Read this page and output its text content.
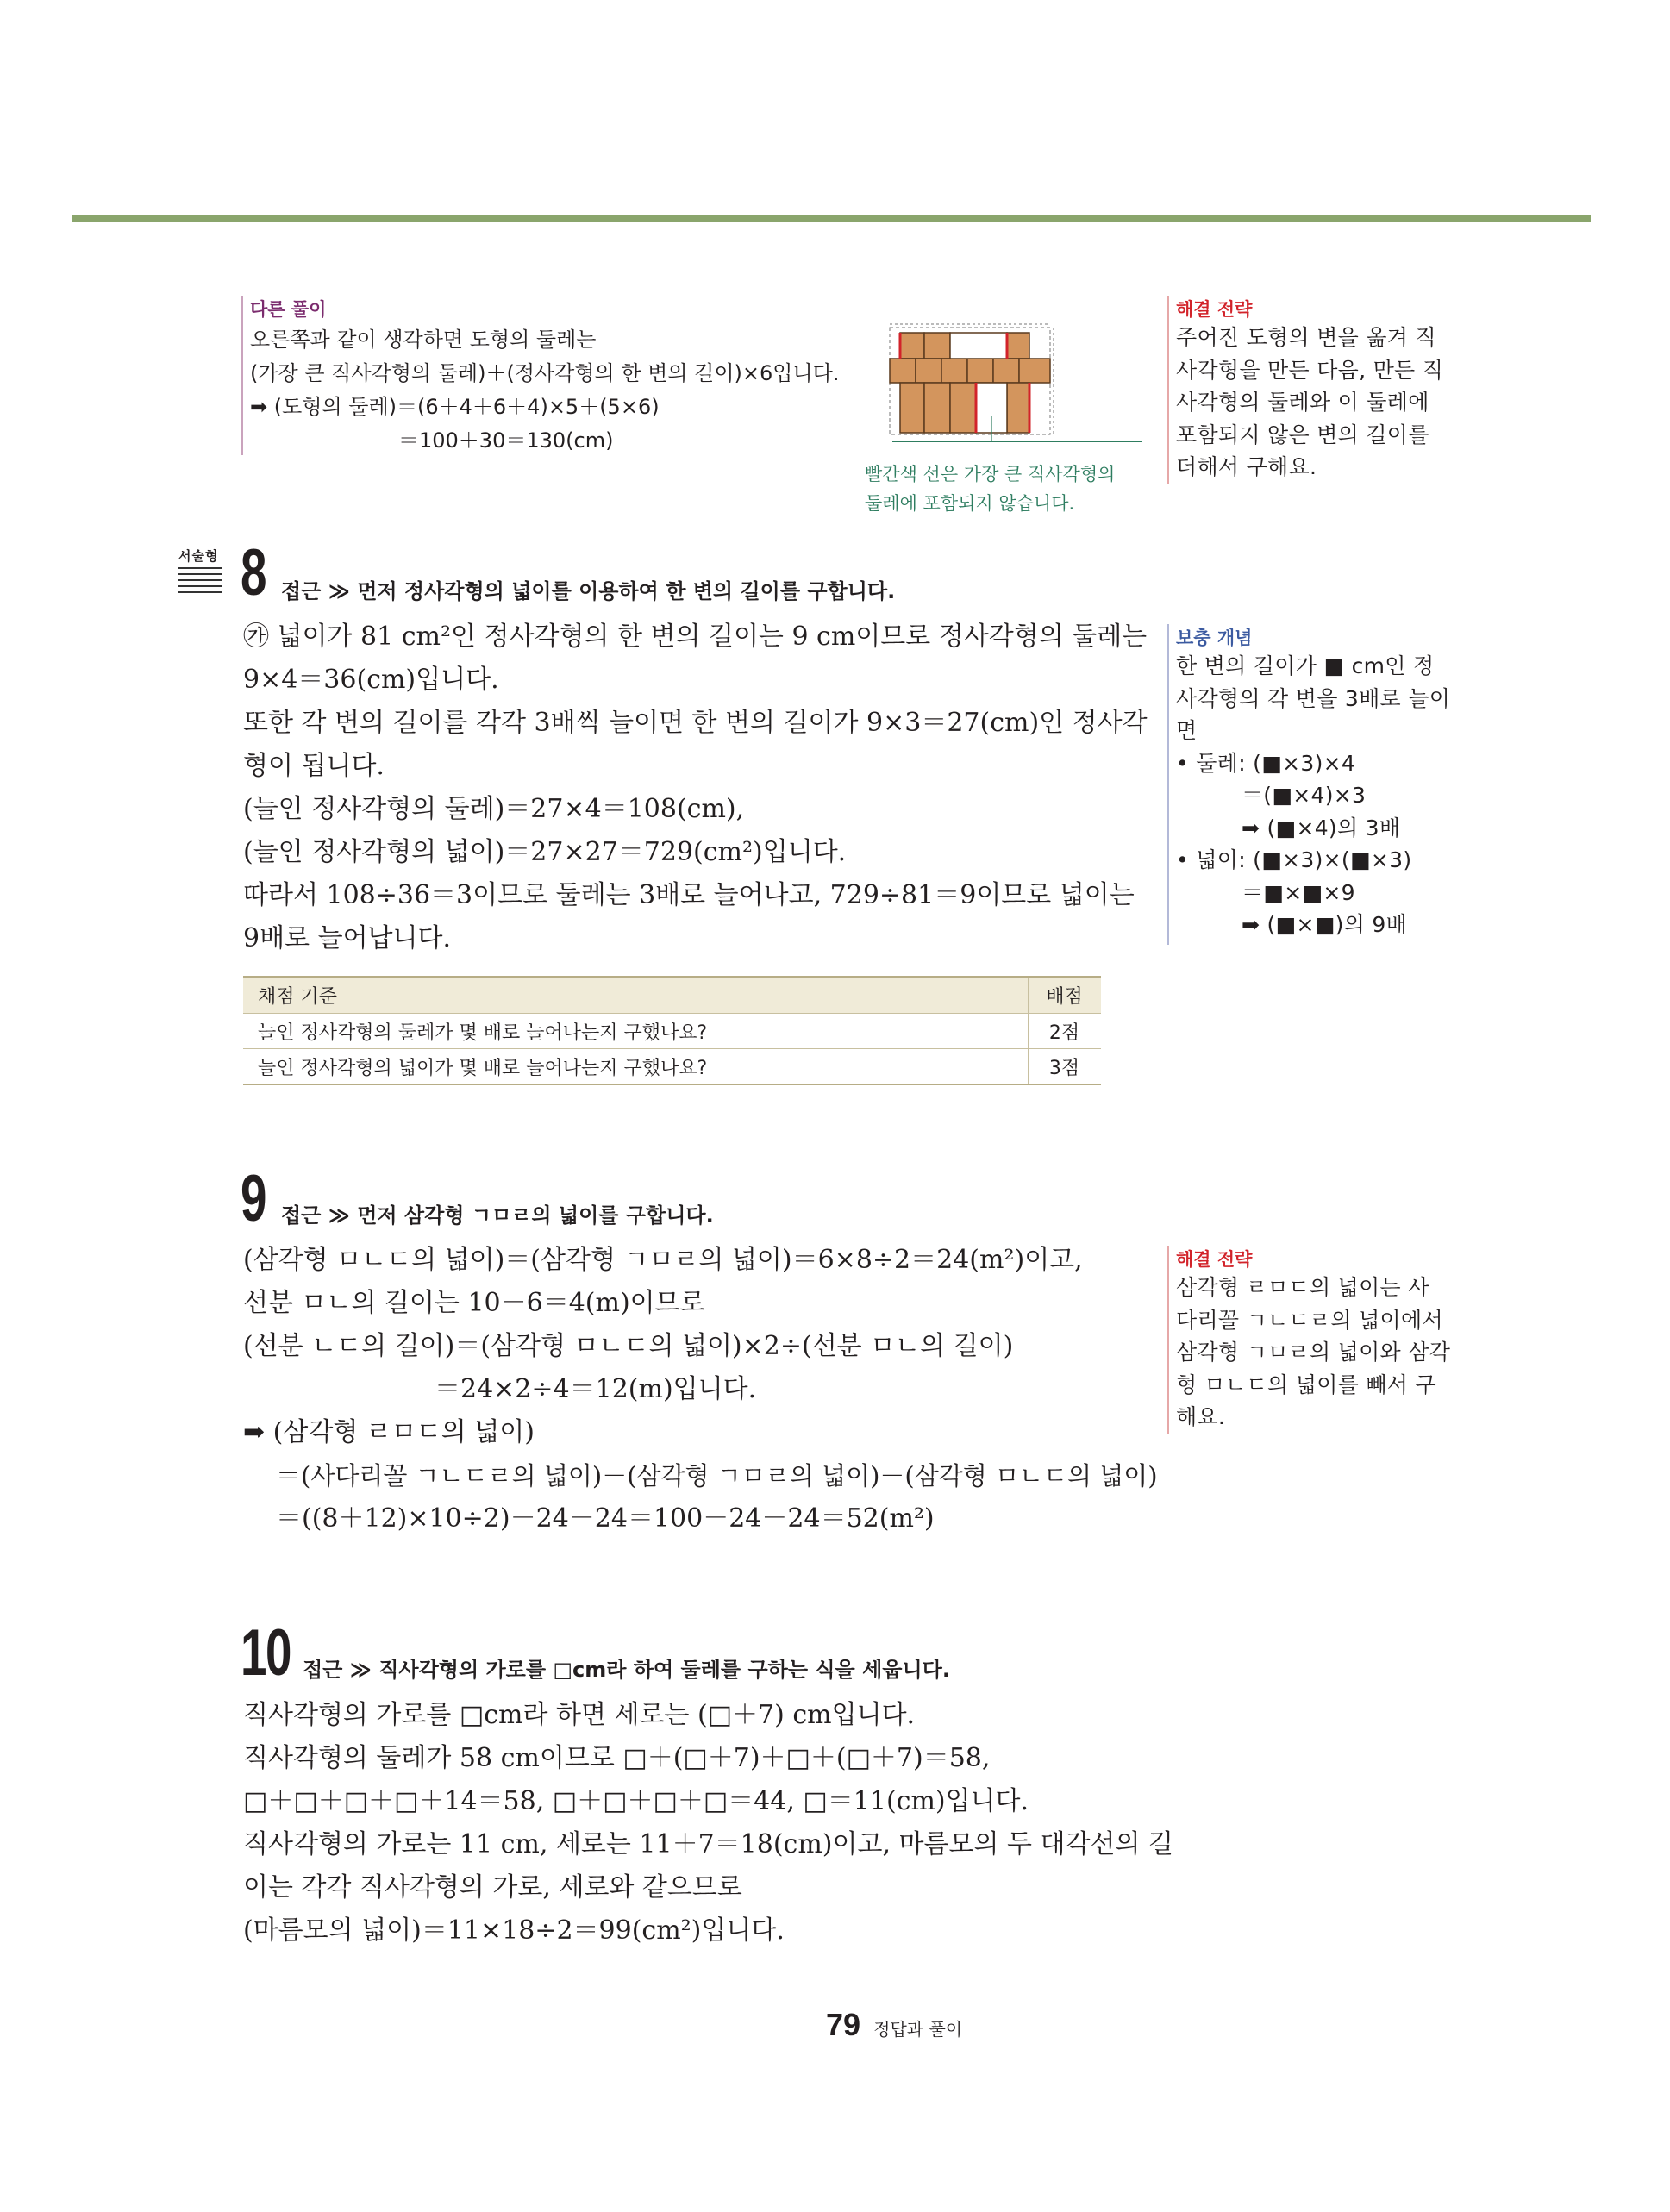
다른 풀이
오른쪽과 같이 생각하면 도형의 둘레는
(가장 큰 직사각형의 둘레)＋(정사각형의 한 변의 길이)×6입니다.
➡ (도형의 둘레)＝(6＋4＋6＋4)×5＋(5×6)
＝100＋30＝130(cm)
빨간색 선은 가장 큰 직사각형의
둘레에 포함되지 않습니다.
해결 전략
주어진 도형의 변을 옮겨 직
사각형을 만든 다음, 만든 직
사각형의 둘레와 이 둘레에
포함되지 않은 변의 길이를
더해서 구해요.
서술형 8 접근 ≫ 먼저 정사각형의 넓이를 이용하여 한 변의 길이를 구합니다.
㉮ 넓이가 81 cm²인 정사각형의 한 변의 길이는 9 cm이므로 정사각형의 둘레는
9×4＝36(cm)입니다.
또한 각 변의 길이를 각각 3배씩 늘이면 한 변의 길이가 9×3＝27(cm)인 정사각
형이 됩니다.
(늘인 정사각형의 둘레)＝27×4＝108(cm),
(늘인 정사각형의 넓이)＝27×27＝729(cm²)입니다.
따라서 108÷36＝3이므로 둘레는 3배로 늘어나고, 729÷81＝9이므로 넓이는
9배로 늘어납니다.
채점 기준	배점
늘인 정사각형의 둘레가 몇 배로 늘어나는지 구했나요?	2점
늘인 정사각형의 넓이가 몇 배로 늘어나는지 구했나요?	3점
보충 개념
한 변의 길이가 ■ cm인 정
사각형의 각 변을 3배로 늘이
면
• 둘레: (■×3)×4
＝(■×4)×3
➡ (■×4)의 3배
• 넓이: (■×3)×(■×3)
＝■×■×9
➡ (■×■)의 9배
9 접근 ≫ 먼저 삼각형 ㄱㅁㄹ의 넓이를 구합니다.
(삼각형 ㅁㄴㄷ의 넓이)＝(삼각형 ㄱㅁㄹ의 넓이)＝6×8÷2＝24(m²)이고,
선분 ㅁㄴ의 길이는 10－6＝4(m)이므로
(선분 ㄴㄷ의 길이)＝(삼각형 ㅁㄴㄷ의 넓이)×2÷(선분 ㅁㄴ의 길이)
＝24×2÷4＝12(m)입니다.
➡ (삼각형 ㄹㅁㄷ의 넓이)
＝(사다리꼴 ㄱㄴㄷㄹ의 넓이)－(삼각형 ㄱㅁㄹ의 넓이)－(삼각형 ㅁㄴㄷ의 넓이)
＝((8＋12)×10÷2)－24－24＝100－24－24＝52(m²)
해결 전략
삼각형 ㄹㅁㄷ의 넓이는 사
다리꼴 ㄱㄴㄷㄹ의 넓이에서
삼각형 ㄱㅁㄹ의 넓이와 삼각
형 ㅁㄴㄷ의 넓이를 빼서 구
해요.
10 접근 ≫ 직사각형의 가로를 □cm라 하여 둘레를 구하는 식을 세웁니다.
직사각형의 가로를 □cm라 하면 세로는 (□＋7) cm입니다.
직사각형의 둘레가 58 cm이므로 □＋(□＋7)＋□＋(□＋7)＝58,
□＋□＋□＋□＋14＝58, □＋□＋□＋□＝44, □＝11(cm)입니다.
직사각형의 가로는 11 cm, 세로는 11＋7＝18(cm)이고, 마름모의 두 대각선의 길
이는 각각 직사각형의 가로, 세로와 같으므로
(마름모의 넓이)＝11×18÷2＝99(cm²)입니다.
79 정답과 풀이
